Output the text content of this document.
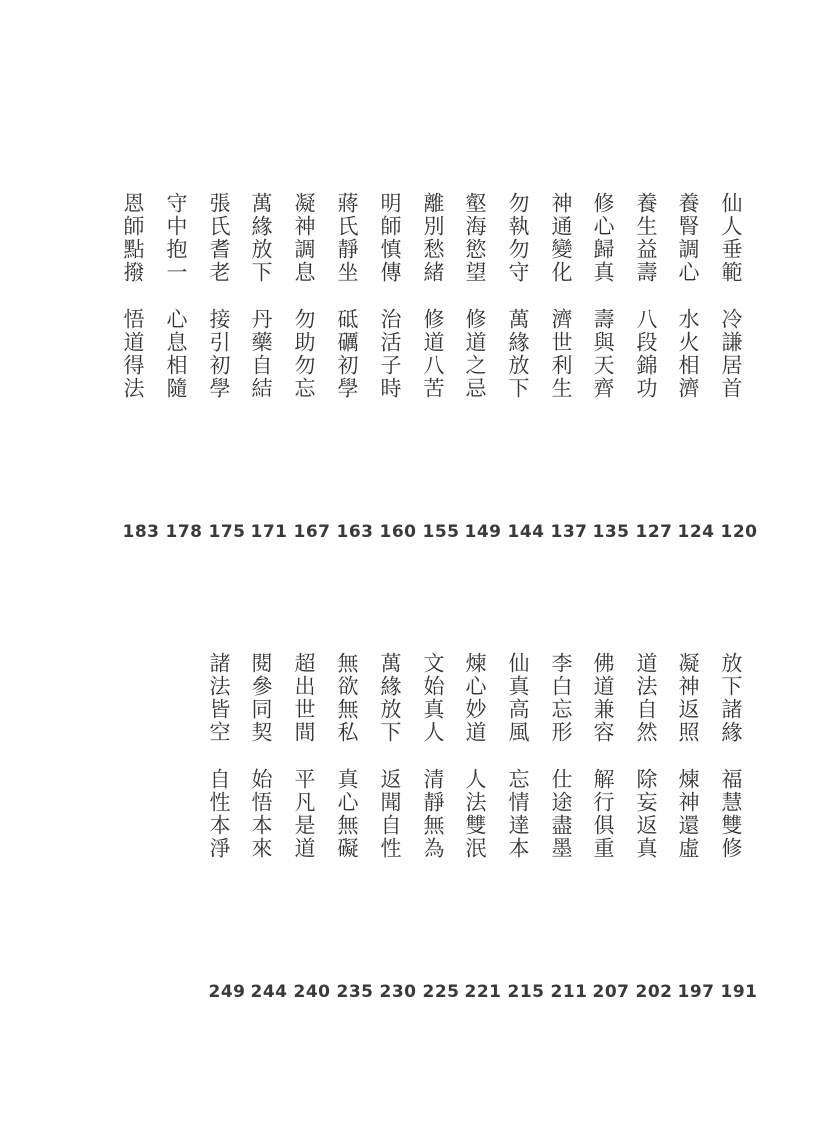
仙人垂範
冷謙居首
120
養腎調心
水火相濟
124
養生益壽
八段錦功
127
修心歸真
壽與天齊
135
神通變化
濟世利生
137
勿執勿守
萬緣放下
144
壑海慾望
修道之忌
149
離別愁緒
修道八苦
155
明師慎傳
治活子時
160
蔣氏靜坐
砥礪初學
163
凝神調息
勿助勿忘
167
萬緣放下
丹藥自結
171
張氏耆老
接引初學
175
守中抱一
心息相隨
178
恩師點撥
悟道得法
183
放下諸緣
福慧雙修
191
凝神返照
煉神還虛
197
道法自然
除妄返真
202
佛道兼容
解行俱重
207
李白忘形
仕途盡墨
211
仙真高風
忘情達本
215
煉心妙道
人法雙泯
221
文始真人
清靜無為
225
萬緣放下
返聞自性
230
無欲無私
真心無礙
235
超出世間
平凡是道
240
閱參同契
始悟本來
244
諸法皆空
自性本淨
249
